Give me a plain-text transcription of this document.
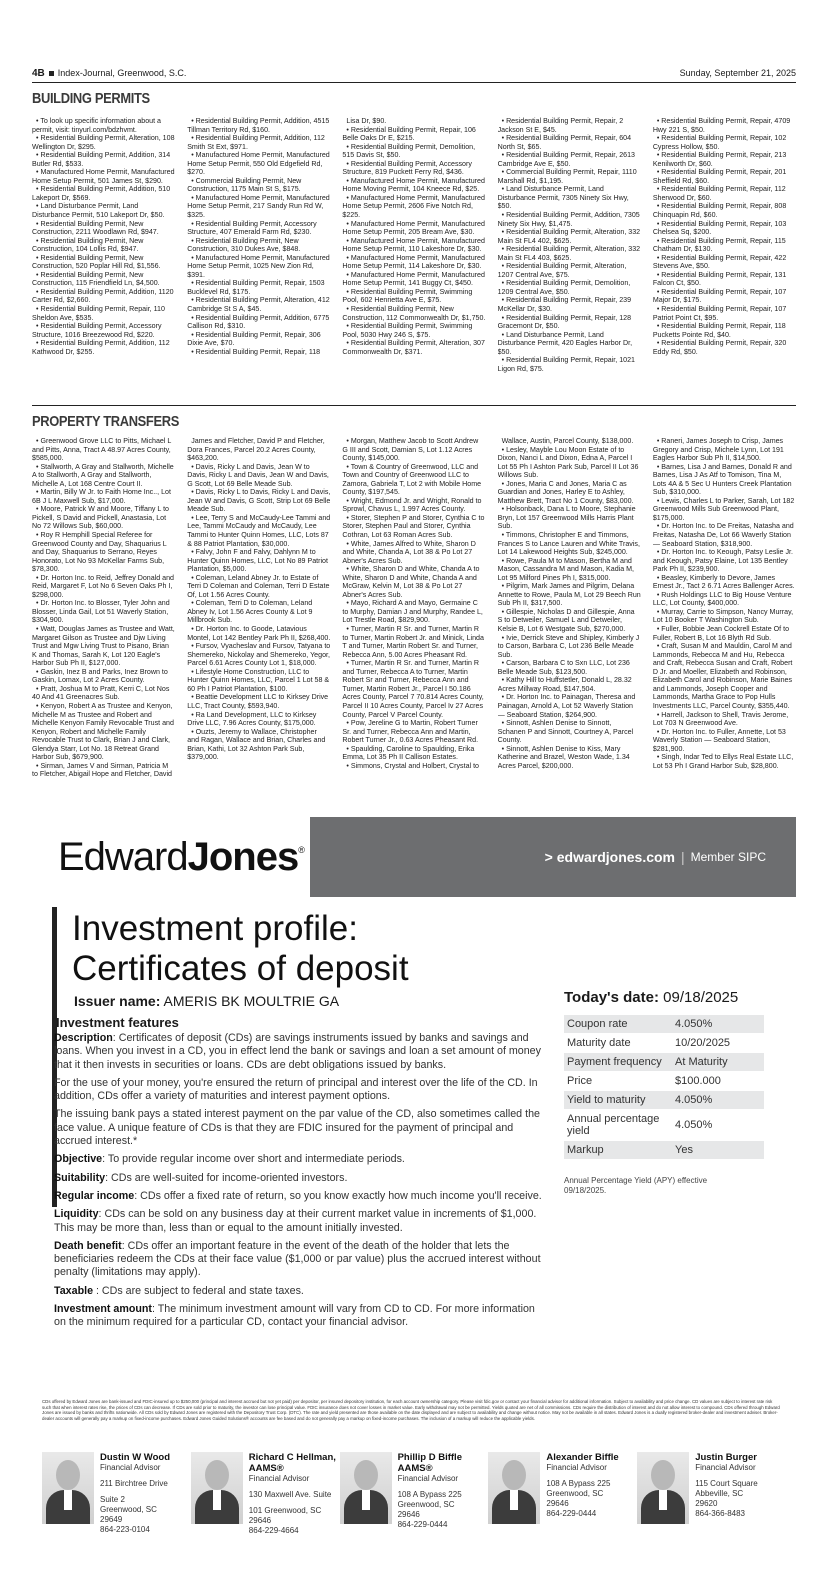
4B Index-Journal, Greenwood, S.C.	Sunday, September 21, 2025
BUILDING PERMITS

• To look up specific information about a permit, visit: tinyurl.com/bdzhvmt.

• Residential Building Permit, Alteration, 108 Wellington Dr, $295.

• Residential Building Permit, Addition, 314 Butler Rd, $533.

• Manufactured Home Permit, Manufactured Home Setup Permit, 501 James St, $290.

• Residential Building Permit, Addition, 510 Lakeport Dr, $569.

• Land Disturbance Permit, Land Disturbance Permit, 510 Lakeport Dr, $50.

• Residential Building Permit, New Construction, 2211 Woodlawn Rd, $947.

• Residential Building Permit, New Construction, 104 Lollis Rd, $947.

• Residential Building Permit, New Construction, 520 Poplar Hill Rd, $1,556.

• Residential Building Permit, New Construction, 115 Friendfield Ln, $4,500.

• Residential Building Permit, Addition, 1120 Carter Rd, $2,660.

• Residential Building Permit, Repair, 110 Sheldon Ave, $535.

• Residential Building Permit, Accessory Structure, 1016 Breezewood Rd, $220.

• Residential Building Permit, Addition, 112 Kathwood Dr, $255.

• Residential Building Permit, Addition, 4515 Tillman Territory Rd, $160.

• Residential Building Permit, Addition, 112 Smith St Ext, $971.

• Manufactured Home Permit, Manufactured Home Setup Permit, 550 Old Edgefield Rd, $270.

• Commercial Building Permit, New Construction, 1175 Main St S, $175.

• Manufactured Home Permit, Manufactured Home Setup Permit, 217 Sandy Run Rd W, $325.

• Residential Building Permit, Accessory Structure, 407 Emerald Farm Rd, $230.

• Residential Building Permit, New Construction, 310 Dukes Ave, $848.

• Manufactured Home Permit, Manufactured Home Setup Permit, 1025 New Zion Rd, $391.

• Residential Building Permit, Repair, 1503 Bucklevel Rd, $175.

• Residential Building Permit, Alteration, 412 Cambridge St S A, $45.

• Residential Building Permit, Addition, 6775 Callison Rd, $310.

• Residential Building Permit, Repair, 306 Dixie Ave, $70.

• Residential Building Permit, Repair, 118

Lisa Dr, $90.

• Residential Building Permit, Repair, 106 Belle Oaks Dr E, $215.

• Residential Building Permit, Demolition, 515 Davis St, $50.

• Residential Building Permit, Accessory Structure, 819 Puckett Ferry Rd, $436.

• Manufactured Home Permit, Manufactured Home Moving Permit, 104 Kneece Rd, $25.

• Manufactured Home Permit, Manufactured Home Setup Permit, 2606 Five Notch Rd, $225.

• Manufactured Home Permit, Manufactured Home Setup Permit, 205 Bream Ave, $30.

• Manufactured Home Permit, Manufactured Home Setup Permit, 110 Lakeshore Dr, $30.

• Manufactured Home Permit, Manufactured Home Setup Permit, 114 Lakeshore Dr, $30.

• Manufactured Home Permit, Manufactured Home Setup Permit, 141 Buggy Ct, $450.

• Residential Building Permit, Swimming Pool, 602 Henrietta Ave E, $75.

• Residential Building Permit, New Construction, 112 Commonwealth Dr, $1,750.

• Residential Building Permit, Swimming Pool, 5030 Hwy 246 S, $75.

• Residential Building Permit, Alteration, 307 Commonwealth Dr, $371.

• Residential Building Permit, Repair, 2 Jackson St E, $45.

• Residential Building Permit, Repair, 604 North St, $65.

• Residential Building Permit, Repair, 2613 Cambridge Ave E, $50.

• Commercial Building Permit, Repair, 1110 Marshall Rd, $1,195.

• Land Disturbance Permit, Land Disturbance Permit, 7305 Ninety Six Hwy, $50.

• Residential Building Permit, Addition, 7305 Ninety Six Hwy, $1,475.

• Residential Building Permit, Alteration, 332 Main St FL4 402, $625.

• Residential Building Permit, Alteration, 332 Main St FL4 403, $625.

• Residential Building Permit, Alteration, 1207 Central Ave, $75.

• Residential Building Permit, Demolition, 1209 Central Ave, $50.

• Residential Building Permit, Repair, 239 McKellar Dr, $30.

• Residential Building Permit, Repair, 128 Gracemont Dr, $50.

• Land Disturbance Permit, Land Disturbance Permit, 420 Eagles Harbor Dr, $50.

• Residential Building Permit, Repair, 1021 Ligon Rd, $75.

• Residential Building Permit, Repair, 4709 Hwy 221 S, $50.

• Residential Building Permit, Repair, 102 Cypress Hollow, $50.

• Residential Building Permit, Repair, 213 Kenilworth Dr, $60.

• Residential Building Permit, Repair, 201 Sheffield Rd, $60.

• Residential Building Permit, Repair, 112 Sherwood Dr, $60.

• Residential Building Permit, Repair, 808 Chinquapin Rd, $60.

• Residential Building Permit, Repair, 103 Chelsea Sq, $200.

• Residential Building Permit, Repair, 115 Chatham Dr, $130.

• Residential Building Permit, Repair, 422 Stevens Ave, $50.

• Residential Building Permit, Repair, 131 Falcon Ct, $50.

• Residential Building Permit, Repair, 107 Major Dr, $175.

• Residential Building Permit, Repair, 107 Patriot Point Ct, $95.

• Residential Building Permit, Repair, 118 Pucketts Pointe Rd, $40.

• Residential Building Permit, Repair, 320 Eddy Rd, $50.

PROPERTY TRANSFERS

• Greenwood Grove LLC to Pitts, Michael L and Pitts, Anna, Tract A 48.97 Acres County, $585,000.

• Stallworth, A Gray and Stallworth, Michelle A to Stallworth, A Gray and Stallworth, Michelle A, Lot 168 Centre Court II.

• Martin, Billy W Jr. to Faith Home Inc.., Lot 6B J L Maxwell Sub, $17,000.

• Moore, Patrick W and Moore, Tiffany L to Pickell, S David and Pickell, Anastasia, Lot No 72 Willows Sub, $60,000.

• Roy R Hemphill Special Referee for Greenwood County and Day, Shaquarius L and Day, Shaquarius to Serrano, Reyes Honorato, Lot No 93 McKellar Farms Sub, $78,300.

• Dr. Horton Inc. to Reid, Jeffrey Donald and Reid, Margaret F, Lot No 6 Seven Oaks Ph I, $298,000.

• Dr. Horton Inc. to Blosser, Tyler John and Blosser, Linda Gail, Lot 51 Waverly Station, $304,900.

• Watt, Douglas James as Trustee and Watt, Margaret Gilson as Trustee and Djw Living Trust and Mgw Living Trust to Pisano, Brian K and Thomas, Sarah K, Lot 120 Eagle's Harbor Sub Ph II, $127,000.

• Gaskin, Inez B and Parks, Inez Brown to Gaskin, Lomax, Lot 2 Acres County.

• Pratt, Joshua M to Pratt, Kerri C, Lot Nos 40 And 41 Greenacres Sub.

• Kenyon, Robert A as Trustee and Kenyon, Michelle M as Trustee and Robert and Michelle Kenyon Family Revocable Trust and Kenyon, Robert and Michelle Family Revocable Trust to Clark, Brian J and Clark, Glendya Starr, Lot No. 18 Retreat Grand Harbor Sub, $679,900.

• Sirman, James V and Sirman, Patricia M to Fletcher, Abigail Hope and Fletcher, David

James and Fletcher, David P and Fletcher, Dora Frances, Parcel 20.2 Acres County, $463,200.

• Davis, Ricky L and Davis, Jean W to Davis, Ricky L and Davis, Jean W and Davis, G Scott, Lot 69 Belle Meade Sub.

• Davis, Ricky L to Davis, Ricky L and Davis, Jean W and Davis, G Scott, Strip Lot 69 Belle Meade Sub.

• Lee, Terry S and McCaudy-Lee Tammi and Lee, Tammi McCaudy and McCaudy, Lee Tammi to Hunter Quinn Homes, LLC, Lots 87 & 88 Patriot Plantation, $30,000.

• Falvy, John F and Falvy, Dahlynn M to Hunter Quinn Homes, LLC, Lot No 89 Patriot Plantation, $5,000.

• Coleman, Leland Abney Jr. to Estate of Terri D Coleman and Coleman, Terri D Estate Of, Lot 1.56 Acres County.

• Coleman, Terri D to Coleman, Leland Abney Iv, Lot 1.56 Acres County & Lot 9 Millbrook Sub.

• Dr. Horton Inc. to Goode, Latavious Montel, Lot 142 Bentley Park Ph II, $268,400.

• Fursov, Vyacheslav and Fursov, Tatyana to Shemereko, Nickolay and Shemereko, Yegor, Parcel 6.61 Acres County Lot 1, $18,000.

• Lifestyle Home Construction, LLC to Hunter Quinn Homes, LLC, Parcel 1 Lot 58 & 60 Ph I Patriot Plantation, $100.

• Beattie Development LLC to Kirksey Drive LLC, Tract County, $593,940.

• Ra Land Development, LLC to Kirksey Drive LLC, 7.96 Acres County, $175,000.

• Ouzts, Jeremy to Wallace, Christopher and Ragan, Wallace and Brian, Charles and Brian, Kathi, Lot 32 Ashton Park Sub, $379,000.

• Morgan, Matthew Jacob to Scott Andrew G III and Scott, Damian S, Lot 1.12 Acres County, $145,000.

• Town & Country of Greenwood, LLC and Town and Country of Greenwood LLC to Zamora, Gabriela T, Lot 2 with Mobile Home County, $197,545.

• Wright, Edmond Jr. and Wright, Ronald to Sprowl, Chavus L, 1.997 Acres County.

• Storer, Stephen P and Storer, Cynthia C to Storer, Stephen Paul and Storer, Cynthia Cothran, Lot 63 Roman Acres Sub.

• White, James Alfred to White, Sharon D and White, Chanda A, Lot 38 & Po Lot 27 Abner's Acres Sub.

• White, Sharon D and White, Chanda A to White, Sharon D and White, Chanda A and McGraw, Kelvin M, Lot 38 & Po Lot 27 Abner's Acres Sub.

• Mayo, Richard A and Mayo, Germaine C to Murphy, Damian J and Murphy, Randee L, Lot Trestle Road, $829,900.

• Turner, Martin R Sr. and Turner, Martin R to Turner, Martin Robert Jr. and Minick, Linda T and Turner, Martin Robert Sr. and Turner, Rebecca Ann, 5.00 Acres Pheasant Rd.

• Turner, Martin R Sr. and Turner, Martin R and Turner, Rebecca A to Turner, Martin Robert Sr and Turner, Rebecca Ann and Turner, Martin Robert Jr., Parcel I 50.186 Acres County, Parcel 7 70.814 Acres County, Parcel II 10 Acres County, Parcel Iv 27 Acres County, Parcel V Parcel County.

• Pow, Jereline G to Martin, Robert Turner Sr. and Turner, Rebecca Ann and Martin, Robert Turner Jr., 0.63 Acres Pheasant Rd.

• Spaulding, Caroline to Spaulding, Erika Emma, Lot 35 Ph II Callison Estates.

• Simmons, Crystal and Holbert, Crystal to

Wallace, Austin, Parcel County, $138,000.

• Lesley, Mayble Lou Moon Estate of to Dixon, Nanci L and Dixon, Edna A, Parcel I Lot 55 Ph I Ashton Park Sub, Parcel II Lot 36 Willows Sub.

• Jones, Maria C and Jones, Maria C as Guardian and Jones, Harley E to Ashley, Matthew Brett, Tract No 1 County, $83,000.

• Holsonback, Dana L to Moore, Stephanie Bryn, Lot 157 Greenwood Mills Harris Plant Sub.

• Timmons, Christopher E and Timmons, Frances S to Lance Lauren and White Travis, Lot 14 Lakewood Heights Sub, $245,000.

• Rowe, Paula M to Mason, Bertha M and Mason, Cassandra M and Mason, Kadia M, Lot 95 Milford Pines Ph I, $315,000.

• Pilgrim, Mark James and Pilgrim, Delana Annette to Rowe, Paula M, Lot 29 Beech Run Sub Ph II, $317,500.

• Gillespie, Nicholas D and Gillespie, Anna S to Detweiler, Samuel L and Detweiler, Kelsie B, Lot 6 Westgate Sub, $270,000.

• Ivie, Derrick Steve and Shipley, Kimberly J to Carson, Barbara C, Lot 236 Belle Meade Sub.

• Carson, Barbara C to Sxn LLC, Lot 236 Belle Meade Sub, $123,500.

• Kathy Hill to Huffstetler, Donald L, 28.32 Acres Millway Road, $147,504.

• Dr. Horton Inc. to Painagan, Theresa and Painagan, Arnold A, Lot 52 Waverly Station — Seaboard Station, $264,900.

• Sinnott, Ashlen Denise to Sinnott, Schanen P and Sinnott, Courtney A, Parcel County.

• Sinnott, Ashlen Denise to Kiss, Mary Katherine and Brazel, Weston Wade, 1.34 Acres Parcel, $200,000.

• Raneri, James Joseph to Crisp, James Gregory and Crisp, Michele Lynn, Lot 191 Eagles Harbor Sub Ph II, $14,500.

• Barnes, Lisa J and Barnes, Donald R and Barnes, Lisa J As Atf to Tomison, Tina M, Lots 4A & 5 Sec U Hunters Creek Plantation Sub, $310,000.

• Lewis, Charles L to Parker, Sarah, Lot 182 Greenwood Mills Sub Greenwood Plant, $175,000.

• Dr. Horton Inc. to De Freitas, Natasha and Freitas, Natasha De, Lot 66 Waverly Station — Seaboard Station, $318,900.

• Dr. Horton Inc. to Keough, Patsy Leslie Jr. and Keough, Patsy Elaine, Lot 135 Bentley Park Ph II, $239,900.

• Beasley, Kimberly to Devore, James Ernest Jr., Tact 2 6.71 Acres Ballenger Acres.

• Rush Holdings LLC to Big House Venture LLC, Lot County, $400,000.

• Murray, Carrie to Simpson, Nancy Murray, Lot 10 Booker T Washington Sub.

• Fuller, Bobbie Jean Cockrell Estate Of to Fuller, Robert B, Lot 16 Blyth Rd Sub.

• Craft, Susan M and Mauldin, Carol M and Lammonds, Rebecca M and Hu, Rebecca and Craft, Rebecca Susan and Craft, Robert D Jr. and Moeller, Elizabeth and Robinson, Elizabeth Carol and Robinson, Marie Baines and Lammonds, Joseph Cooper and Lammonds, Martha Grace to Pop Hulls Investments LLC, Parcel County, $355,440.

• Harrell, Jackson to Shell, Travis Jerome, Lot 703 N Greenwood Ave.

• Dr. Horton Inc. to Fuller, Annette, Lot 53 Waverly Station — Seaboard Station, $281,900.

• Singh, Indar Ted to Ellys Real Estate LLC, Lot 53 Ph I Grand Harbor Sub, $28,800.

Edward Jones ®	> edwardjones.com | Member SIPC
Investment profile:
Certificates of deposit
Issuer name: AMERIS BK MOULTRIE GA	Today's date: 09/18/2025
Investment features

Description: Certificates of deposit (CDs) are savings instruments issued by banks and savings and loans. When you invest in a CD, you in effect lend the bank or savings and loan a set amount of money that it then invests in securities or loans. CDs are debt obligations issued by banks.

For the use of your money, you're ensured the return of principal and interest over the life of the CD. In addition, CDs offer a variety of maturities and interest payment options.

The issuing bank pays a stated interest payment on the par value of the CD, also sometimes called the face value. A unique feature of CDs is that they are FDIC insured for the payment of principal and accrued interest.*

Objective: To provide regular income over short and intermediate periods.

Suitability: CDs are well-suited for income-oriented investors.

Regular income: CDs offer a fixed rate of return, so you know exactly how much income you'll receive.

Liquidity: CDs can be sold on any business day at their current market value in increments of $1,000. This may be more than, less than or equal to the amount initially invested.

Death benefit: CDs offer an important feature in the event of the death of the holder that lets the beneficiaries redeem the CDs at their face value ($1,000 or par value) plus the accrued interest without penalty (limitations may apply).

Taxable : CDs are subject to federal and state taxes.

Investment amount: The minimum investment amount will vary from CD to CD. For more information on the minimum required for a particular CD, contact your financial advisor.

Coupon rate	4.050%
Maturity date	10/20/2025
Payment frequency	At Maturity
Price	$100.000
Yield to maturity	4.050%
Annual percentage yield	4.050%
Markup	Yes
Annual Percentage Yield (APY) effective 09/18/2025.
CDs offered by Edward Jones are bank-issued and FDIC-insured up to $250,000 (principal and interest accrued but not yet paid) per depositor, per insured depository institution, for each account ownership category. Please visit fdic.gov or contact your financial advisor for additional information. Subject to availability and price change. CD values are subject to interest rate risk such that when interest rates rise, the prices of CDs can decrease. If CDs are sold prior to maturity, the investor can lose principal value. FDIC insurance does not cover losses in market value. Early withdrawal may not be permitted. Yields quoted are net of all commissions. CDs require the distribution of interest and do not allow interest to compound. CDs offered through Edward Jones are issued by banks and thrifts nationwide. All CDs sold by Edward Jones are registered with the Depository Trust Corp. (DTC). The rate and yield presented are those available on the date displayed and are subject to availability and change without notice. May not be available in all states. Edward Jones is a dually registered broker-dealer and investment adviser. Broker-dealer accounts will generally pay a markup on fixed-income purchases. Edward Jones Guided Solutions® accounts are fee based and do not generally pay a markup on fixed-income purchases. The inclusion of a markup will reduce the applicable yields.
Dustin W Wood
Financial Advisor
211 Birchtree Drive
Suite 2
Greenwood, SC
29649
864-223-0104
Richard C Hellman, AAMS®
Financial Advisor
130 Maxwell Ave. Suite
101 Greenwood, SC
29646
864-229-4664
Phillip D Biffle AAMS®
Financial Advisor
108 A Bypass 225
Greenwood, SC
29646
864-229-0444
Alexander Biffle
Financial Advisor
108 A Bypass 225
Greenwood, SC
29646
864-229-0444
Justin Burger
Financial Advisor
115 Court Square
Abbeville, SC
29620
864-366-8483
